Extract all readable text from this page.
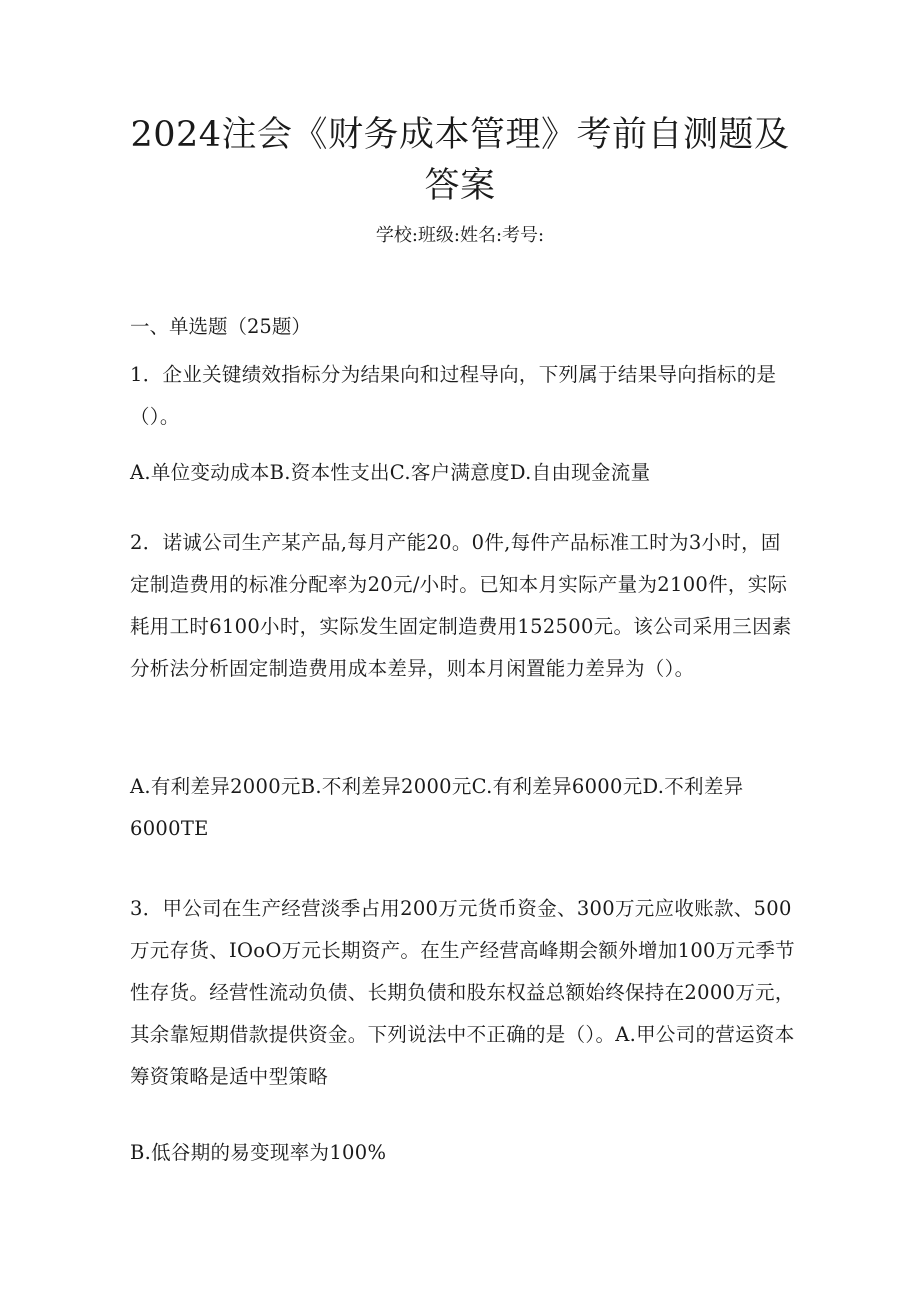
2024注会《财务成本管理》考前自测题及答案
学校:班级:姓名:考号:
一、单选题（25题）

1．企业关键绩效指标分为结果向和过程导向，下列属于结果导向指标的是（）。

A.单位变动成本B.资本性支出C.客户满意度D.自由现金流量

2．诺诚公司生产某产品,每月产能20。0件,每件产品标准工时为3小时，固定制造费用的标准分配率为20元/小时。已知本月实际产量为2100件，实际耗用工时6100小时，实际发生固定制造费用152500元。该公司采用三因素分析法分析固定制造费用成本差异，则本月闲置能力差异为（）。

A.有利差异2000元B.不利差异2000元C.有利差异6000元D.不利差异6000TE

3．甲公司在生产经营淡季占用200万元货币资金、300万元应收账款、500万元存货、IOoO万元长期资产。在生产经营高峰期会额外增加100万元季节性存货。经营性流动负债、长期负债和股东权益总额始终保持在2000万元，其余靠短期借款提供资金。下列说法中不正确的是（）。A.甲公司的营运资本筹资策略是适中型策略

B.低谷期的易变现率为100%
